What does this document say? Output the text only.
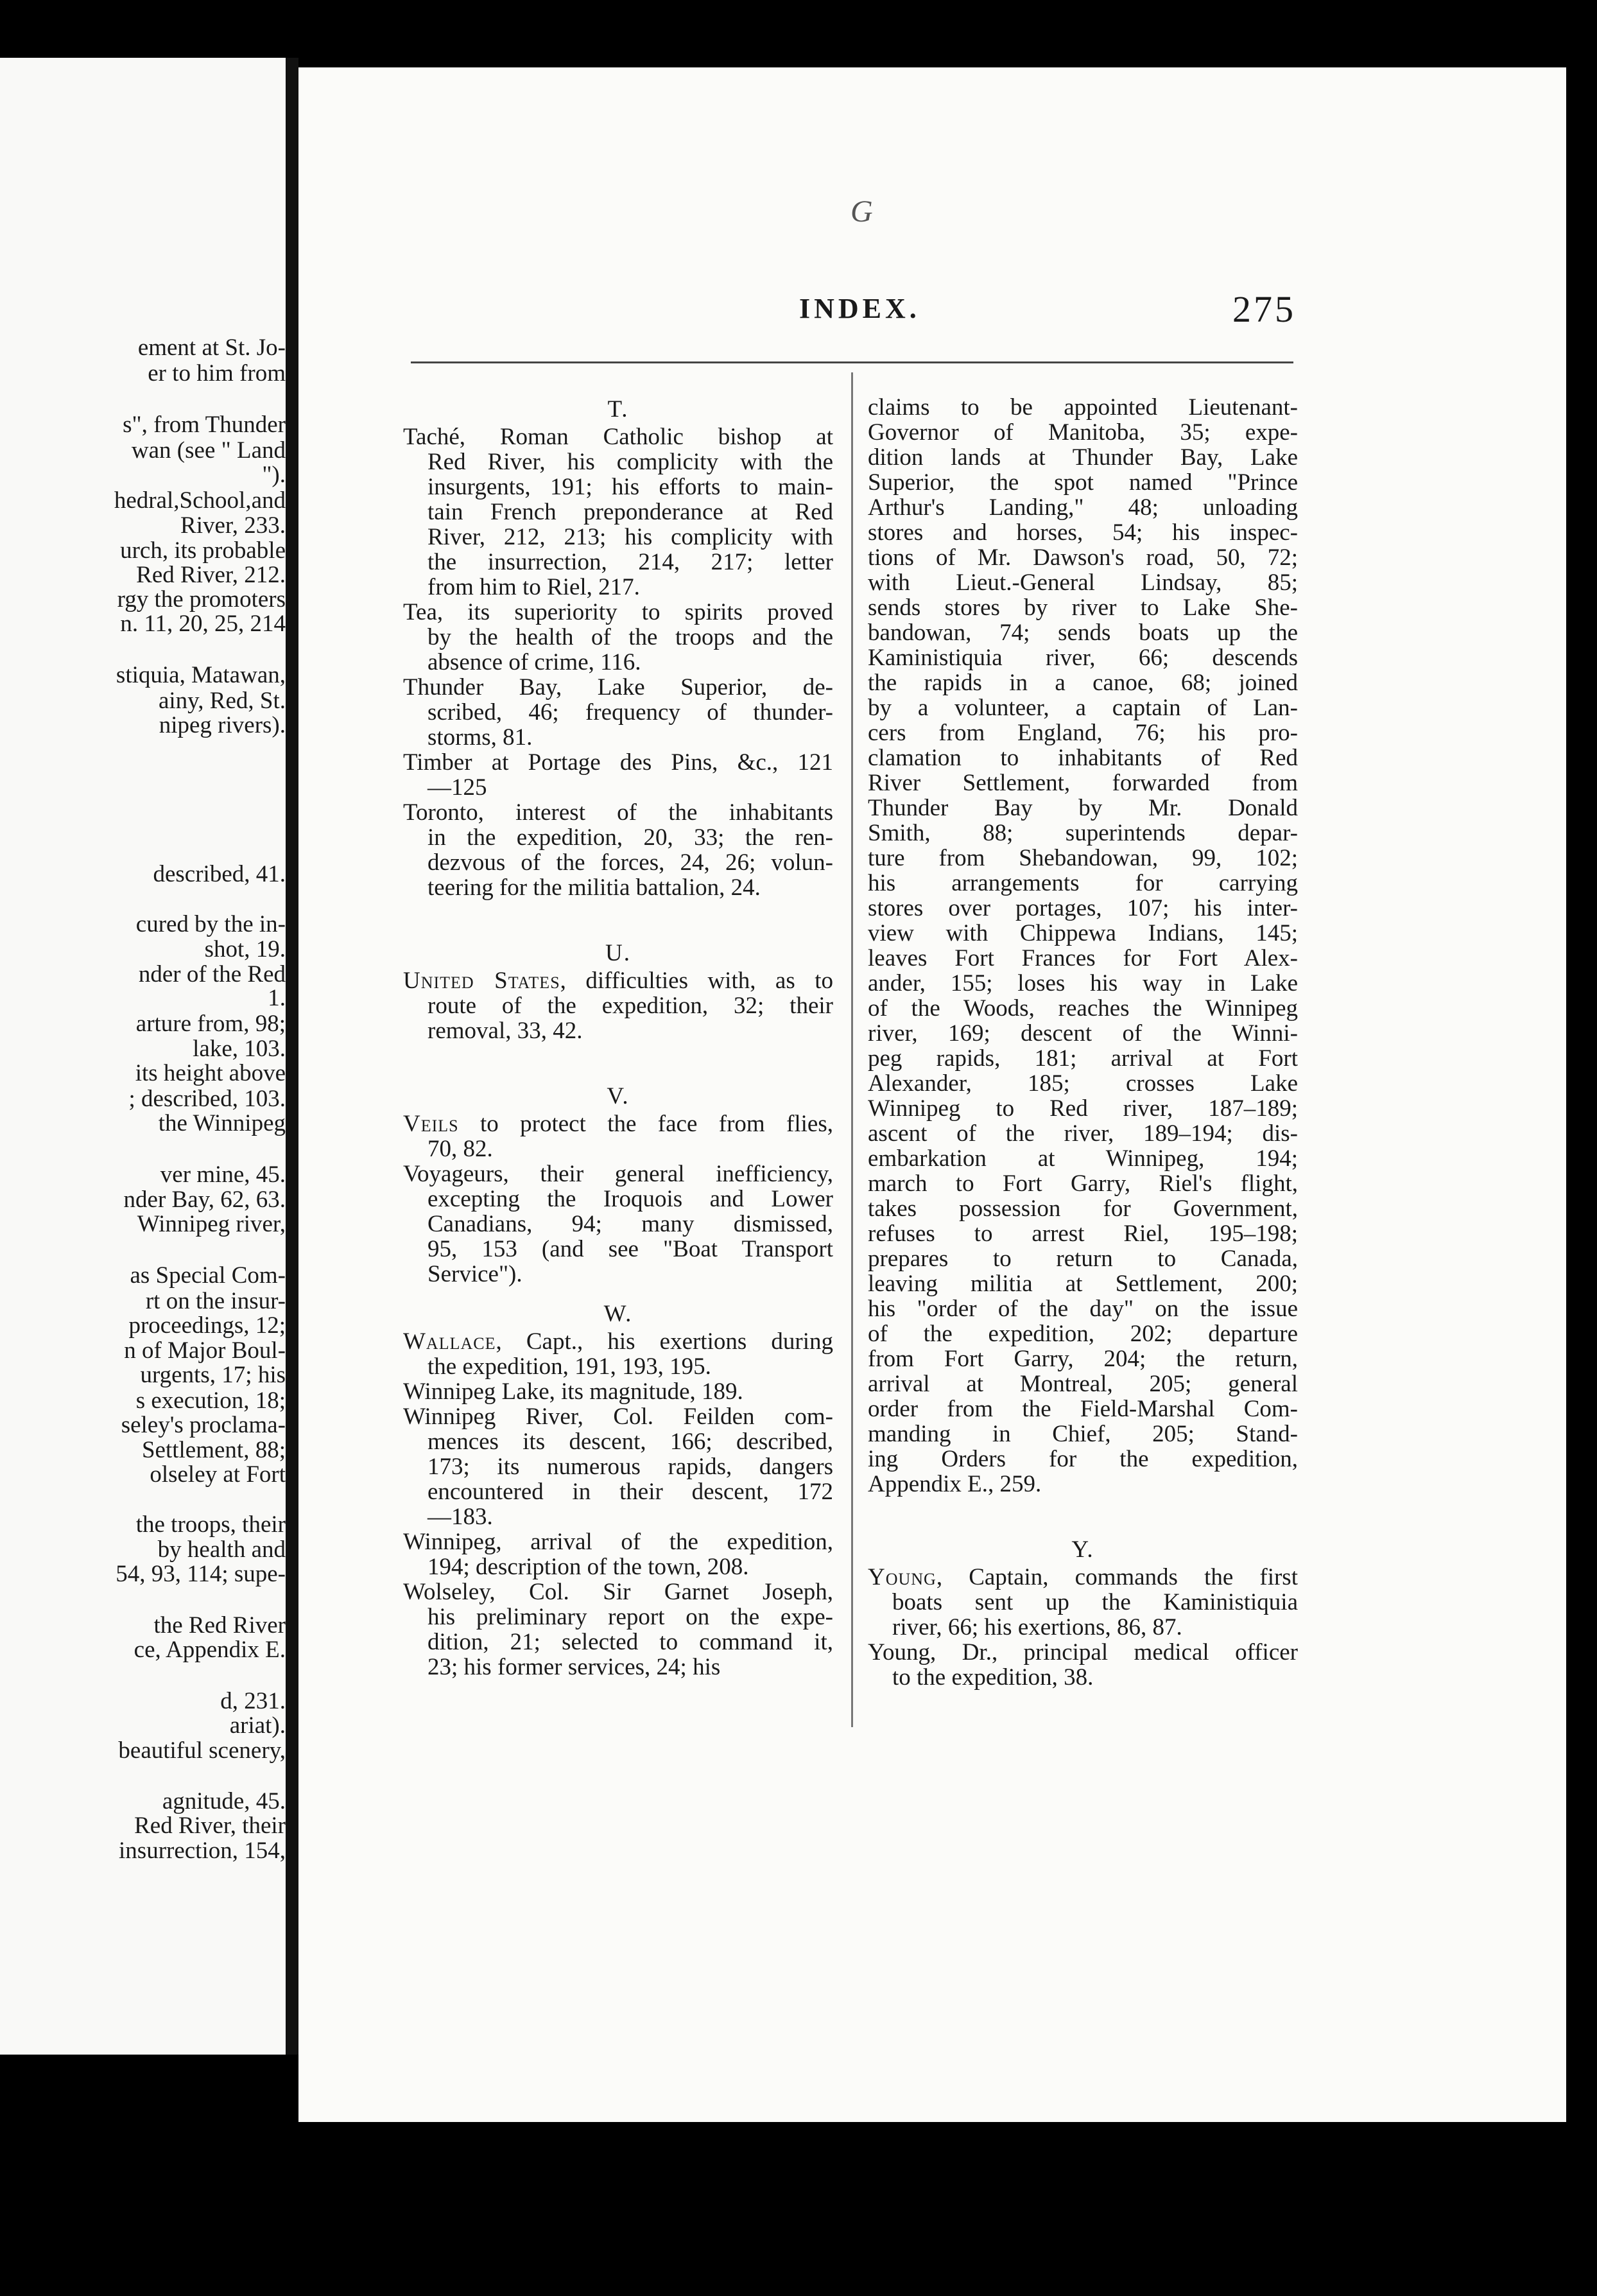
ement at St. Jo-
er to him from
s", from Thunder
wan (see " Land
").
hedral,School,and
River, 233.
urch, its probable
Red River, 212.
rgy the promoters
n. 11, 20, 25, 214
stiquia, Matawan,
ainy, Red, St.
nipeg rivers).
described, 41.
cured by the in-
shot, 19.
nder of the Red
1.
arture from, 98;
lake, 103.
its height above
; described, 103.
the Winnipeg
ver mine, 45.
nder Bay, 62, 63.
Winnipeg river,
as Special Com-
rt on the insur-
proceedings, 12;
n of Major Boul-
urgents, 17; his
s execution, 18;
seley's proclama-
Settlement, 88;
olseley at Fort
the troops, their
by health and
54, 93, 114; supe-
the Red River
ce, Appendix E.
d, 231.
ariat).
beautiful scenery,
agnitude, 45.
Red River, their
insurrection, 154,
G
INDEX.	275
T.
Taché, Roman Catholic bishop at
Red River, his complicity with the
insurgents, 191; his efforts to main-
tain French preponderance at Red
River, 212, 213; his complicity with
the insurrection, 214, 217; letter
from him to Riel, 217.
Tea, its superiority to spirits proved
by the health of the troops and the
absence of crime, 116.
Thunder Bay, Lake Superior, de-
scribed, 46; frequency of thunder-
storms, 81.
Timber at Portage des Pins, &c., 121
—125
Toronto, interest of the inhabitants
in the expedition, 20, 33; the ren-
dezvous of the forces, 24, 26; volun-
teering for the militia battalion, 24.
U.
United States, difficulties with, as to
route of the expedition, 32; their
removal, 33, 42.
V.
Veils to protect the face from flies,
70, 82.
Voyageurs, their general inefficiency,
excepting the Iroquois and Lower
Canadians, 94; many dismissed,
95, 153 (and see "Boat Transport
Service").
W.
Wallace, Capt., his exertions during
the expedition, 191, 193, 195.
Winnipeg Lake, its magnitude, 189.
Winnipeg River, Col. Feilden com-
mences its descent, 166; described,
173; its numerous rapids, dangers
encountered in their descent, 172
—183.
Winnipeg, arrival of the expedition,
194; description of the town, 208.
Wolseley, Col. Sir Garnet Joseph,
his preliminary report on the expe-
dition, 21; selected to command it,
23; his former services, 24; his
claims to be appointed Lieutenant-
Governor of Manitoba, 35; expe-
dition lands at Thunder Bay, Lake
Superior, the spot named "Prince
Arthur's Landing," 48; unloading
stores and horses, 54; his inspec-
tions of Mr. Dawson's road, 50, 72;
with Lieut.-General Lindsay, 85;
sends stores by river to Lake She-
bandowan, 74; sends boats up the
Kaministiquia river, 66; descends
the rapids in a canoe, 68; joined
by a volunteer, a captain of Lan-
cers from England, 76; his pro-
clamation to inhabitants of Red
River Settlement, forwarded from
Thunder Bay by Mr. Donald
Smith, 88; superintends depar-
ture from Shebandowan, 99, 102;
his arrangements for carrying
stores over portages, 107; his inter-
view with Chippewa Indians, 145;
leaves Fort Frances for Fort Alex-
ander, 155; loses his way in Lake
of the Woods, reaches the Winnipeg
river, 169; descent of the Winni-
peg rapids, 181; arrival at Fort
Alexander, 185; crosses Lake
Winnipeg to Red river, 187–189;
ascent of the river, 189–194; dis-
embarkation at Winnipeg, 194;
march to Fort Garry, Riel's flight,
takes possession for Government,
refuses to arrest Riel, 195–198;
prepares to return to Canada,
leaving militia at Settlement, 200;
his "order of the day" on the issue
of the expedition, 202; departure
from Fort Garry, 204; the return,
arrival at Montreal, 205; general
order from the Field-Marshal Com-
manding in Chief, 205; Stand-
ing Orders for the expedition,
Appendix E., 259.
Y.
Young, Captain, commands the first
boats sent up the Kaministiquia
river, 66; his exertions, 86, 87.
Young, Dr., principal medical officer
to the expedition, 38.
